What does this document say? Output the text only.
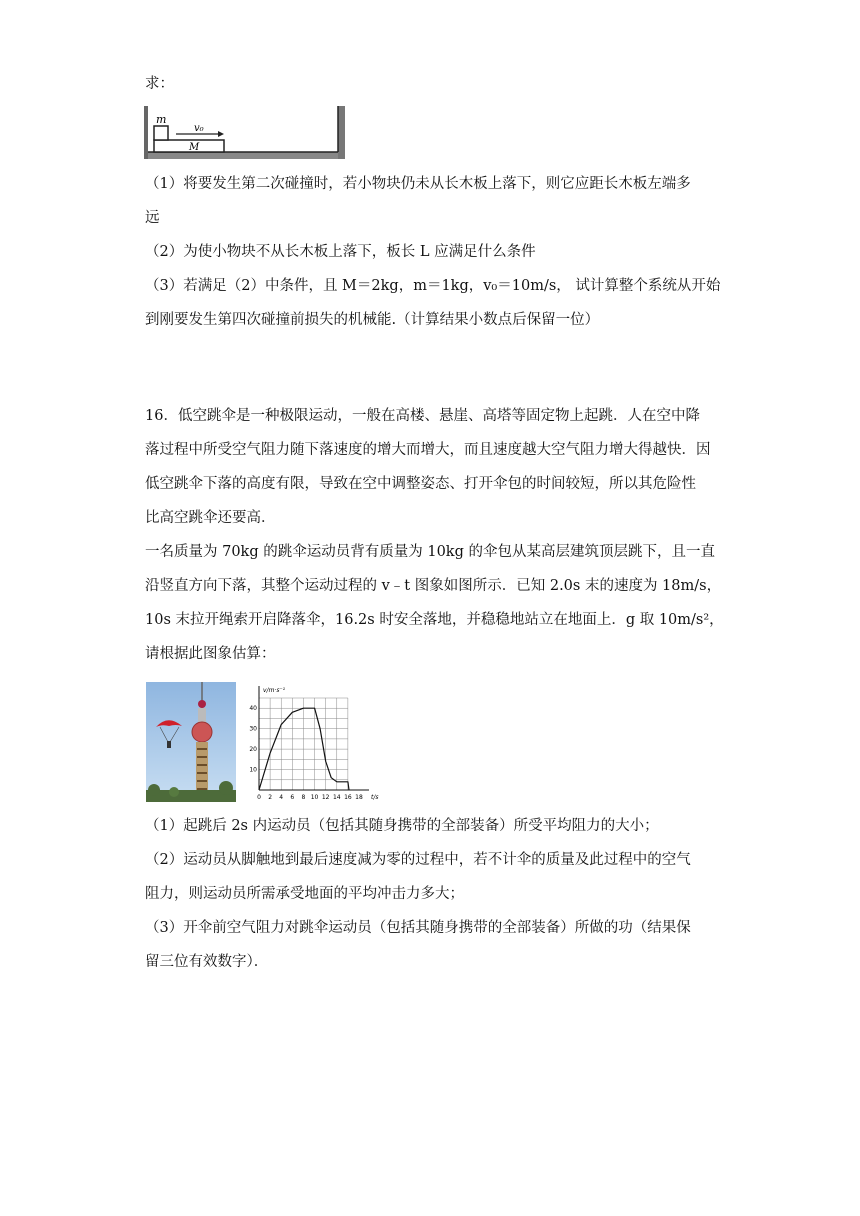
求：
m
v₀
M
（1）将要发生第二次碰撞时，若小物块仍未从长木板上落下，则它应距长木板左端多
远
（2）为使小物块不从长木板上落下，板长 L 应满足什么条件
（3）若满足（2）中条件，且 M＝2kg，m＝1kg，v₀＝10m/s， 试计算整个系统从开始
到刚要发生第四次碰撞前损失的机械能.（计算结果小数点后保留一位）
16．低空跳伞是一种极限运动，一般在高楼、悬崖、高塔等固定物上起跳．人在空中降
落过程中所受空气阻力随下落速度的增大而增大，而且速度越大空气阻力增大得越快．因
低空跳伞下落的高度有限，导致在空中调整姿态、打开伞包的时间较短，所以其危险性
比高空跳伞还要高．
一名质量为 70kg 的跳伞运动员背有质量为 10kg 的伞包从某高层建筑顶层跳下，且一直
沿竖直方向下落，其整个运动过程的 v﹣t 图象如图所示．已知 2.0s 末的速度为 18m/s，
10s 末拉开绳索开启降落伞，16.2s 时安全落地，并稳稳地站立在地面上．g 取 10m/s²，
请根据此图象估算：
0 2 4 6 8 10 12 14 16 18
10
20
30
40
t/s
v/m·s⁻¹
（1）起跳后 2s 内运动员（包括其随身携带的全部装备）所受平均阻力的大小；
（2）运动员从脚触地到最后速度减为零的过程中，若不计伞的质量及此过程中的空气
阻力，则运动员所需承受地面的平均冲击力多大；
（3）开伞前空气阻力对跳伞运动员（包括其随身携带的全部装备）所做的功（结果保
留三位有效数字）．
